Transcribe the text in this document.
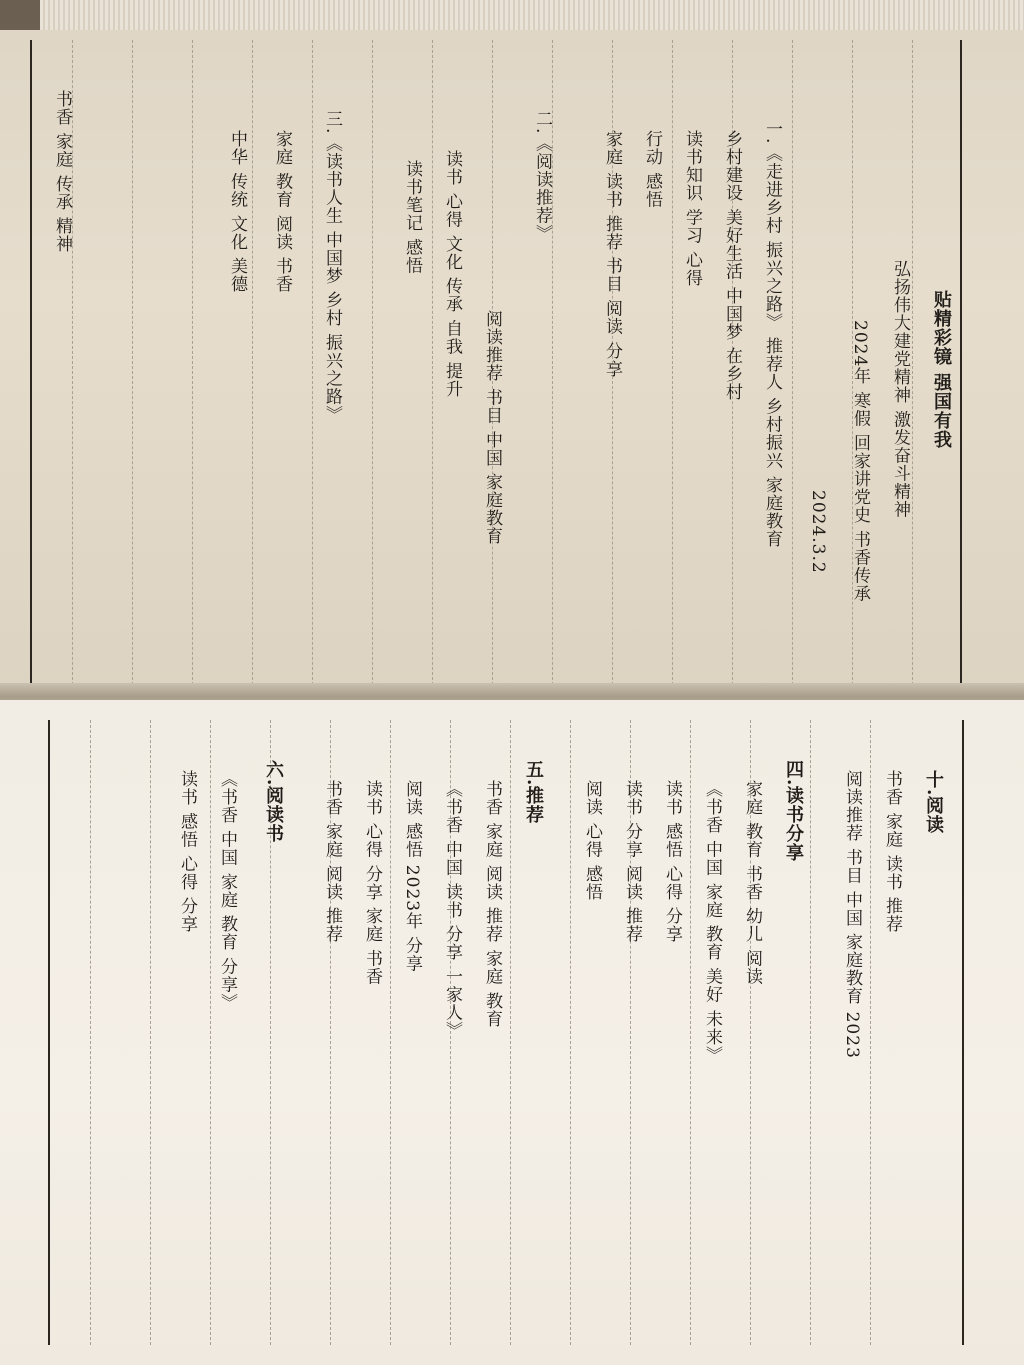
贴精彩镜 强国有我
弘扬伟大建党精神 激发奋斗精神
2024年 寒假 回家讲党史 书香传承
2024.3.2
一.《走进乡村 振兴之路》 推荐人 乡村振兴 家庭教育
乡村建设 美好生活 中国梦 在乡村
读书知识 学习 心得
行动 感悟
家庭 读书 推荐 书目 阅读 分享
二.《阅读推荐》
阅读推荐 书目 中国 家庭教育
读书 心得 文化 传承 自我 提升
读书笔记 感悟
三.《读书人生 中国梦 乡村 振兴之路》
家庭 教育 阅读 书香
中华 传统 文化 美德
书香 家庭 传承 精神
十.阅读
书香 家庭 读书 推荐
阅读推荐 书目 中国 家庭教育 2023
四.读书分享
家庭 教育 书香 幼儿 阅读
《书香 中国 家庭 教育 美好 未来》
读书 感悟 心得 分享
读书 分享 阅读 推荐
阅读 心得 感悟
五.推荐
书香 家庭 阅读 推荐 家庭 教育
《书香 中国 读书 分享 一家人》
阅读 感悟 2023年 分享
读书 心得 分享 家庭 书香
书香 家庭 阅读 推荐
六.阅读书
《书香 中国 家庭 教育 分享》
读书 感悟 心得 分享
